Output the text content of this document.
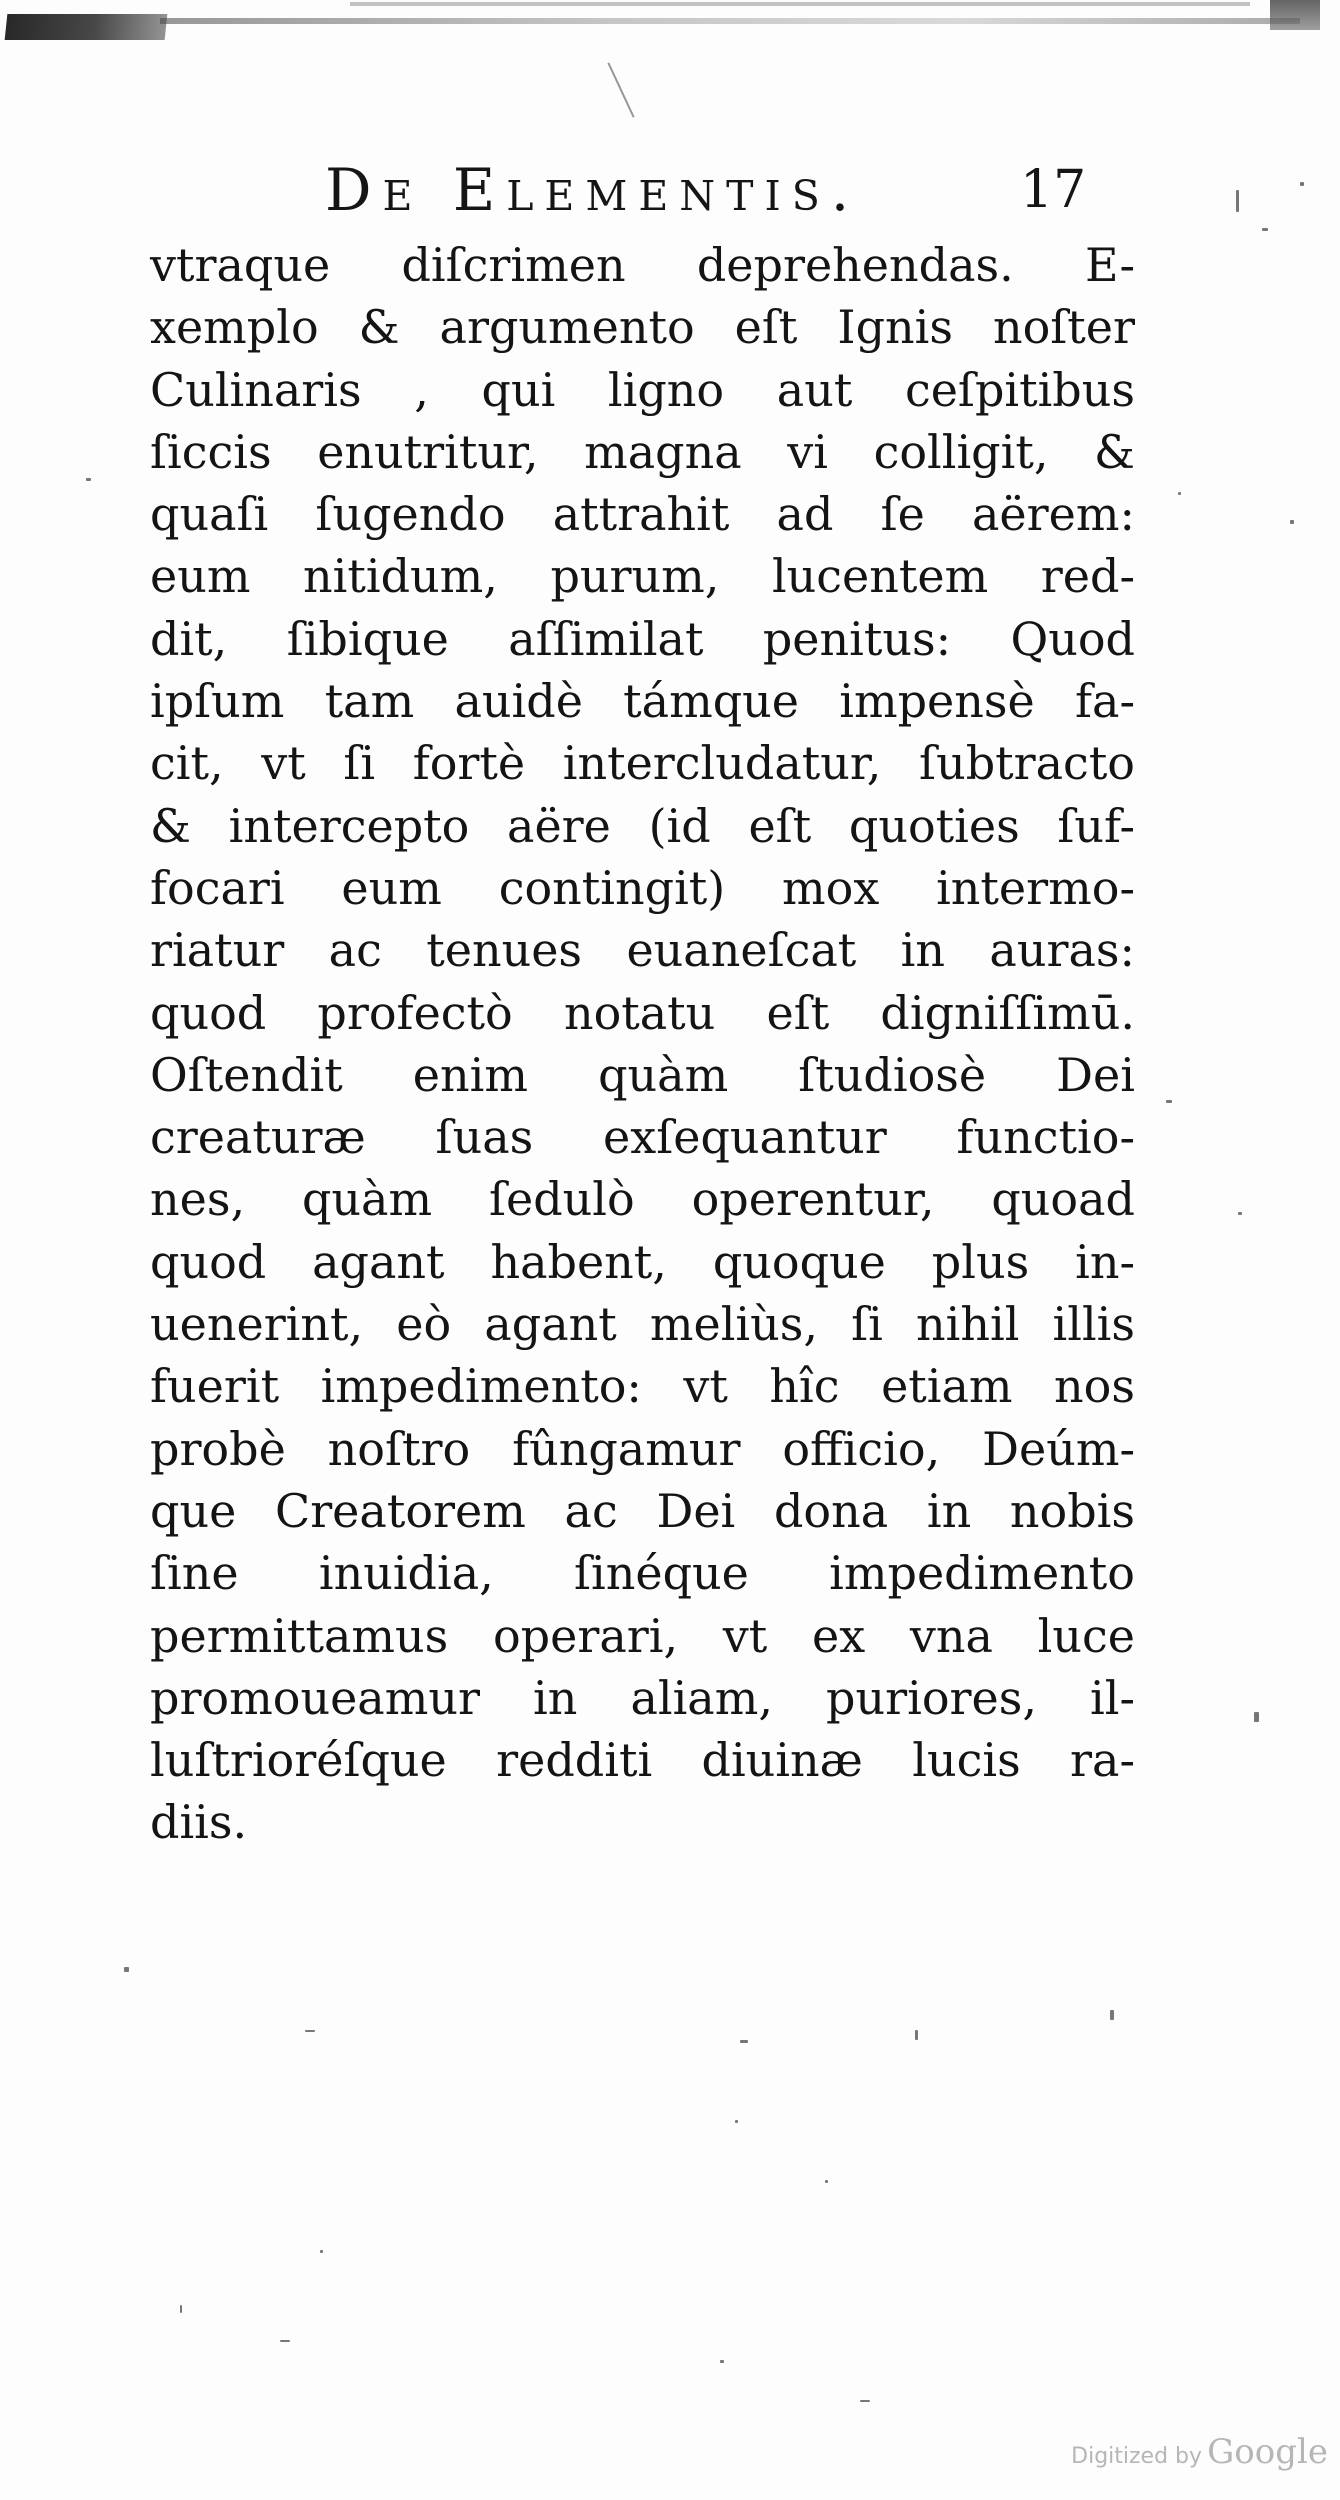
De Elementis.	17
vtraque diſcrimen deprehendas. E-
xemplo & argumento eſt Ignis noſter
Culinaris , qui ligno aut ceſpitibus
ſiccis enutritur, magna vi colligit, &
quaſi ſugendo attrahit ad ſe aërem:
eum nitidum, purum, lucentem red-
dit, ſibique aſſimilat penitus: Quod
ipſum tam auidè támque impensè fa-
cit, vt ſi fortè intercludatur, ſubtracto
& intercepto aëre (id eſt quoties ſuf-
focari eum contingit) mox intermo-
riatur ac tenues euaneſcat in auras:
quod profectò notatu eſt digniſſimū.
Oſtendit enim quàm ſtudiosè Dei
creaturæ ſuas exſequantur functio-
nes, quàm ſedulò operentur, quoad
quod agant habent, quoque plus in-
uenerint, eò agant meliùs, ſi nihil illis
fuerit impedimento: vt hîc etiam nos
probè noſtro fûngamur officio, Deúm-
que Creatorem ac Dei dona in nobis
ſine inuidia, ſinéque impedimento
permittamus operari, vt ex vna luce
promoueamur in aliam, puriores, il-
luſtrioréſque redditi diuinæ lucis ra-
diis.
Digitized by Google
